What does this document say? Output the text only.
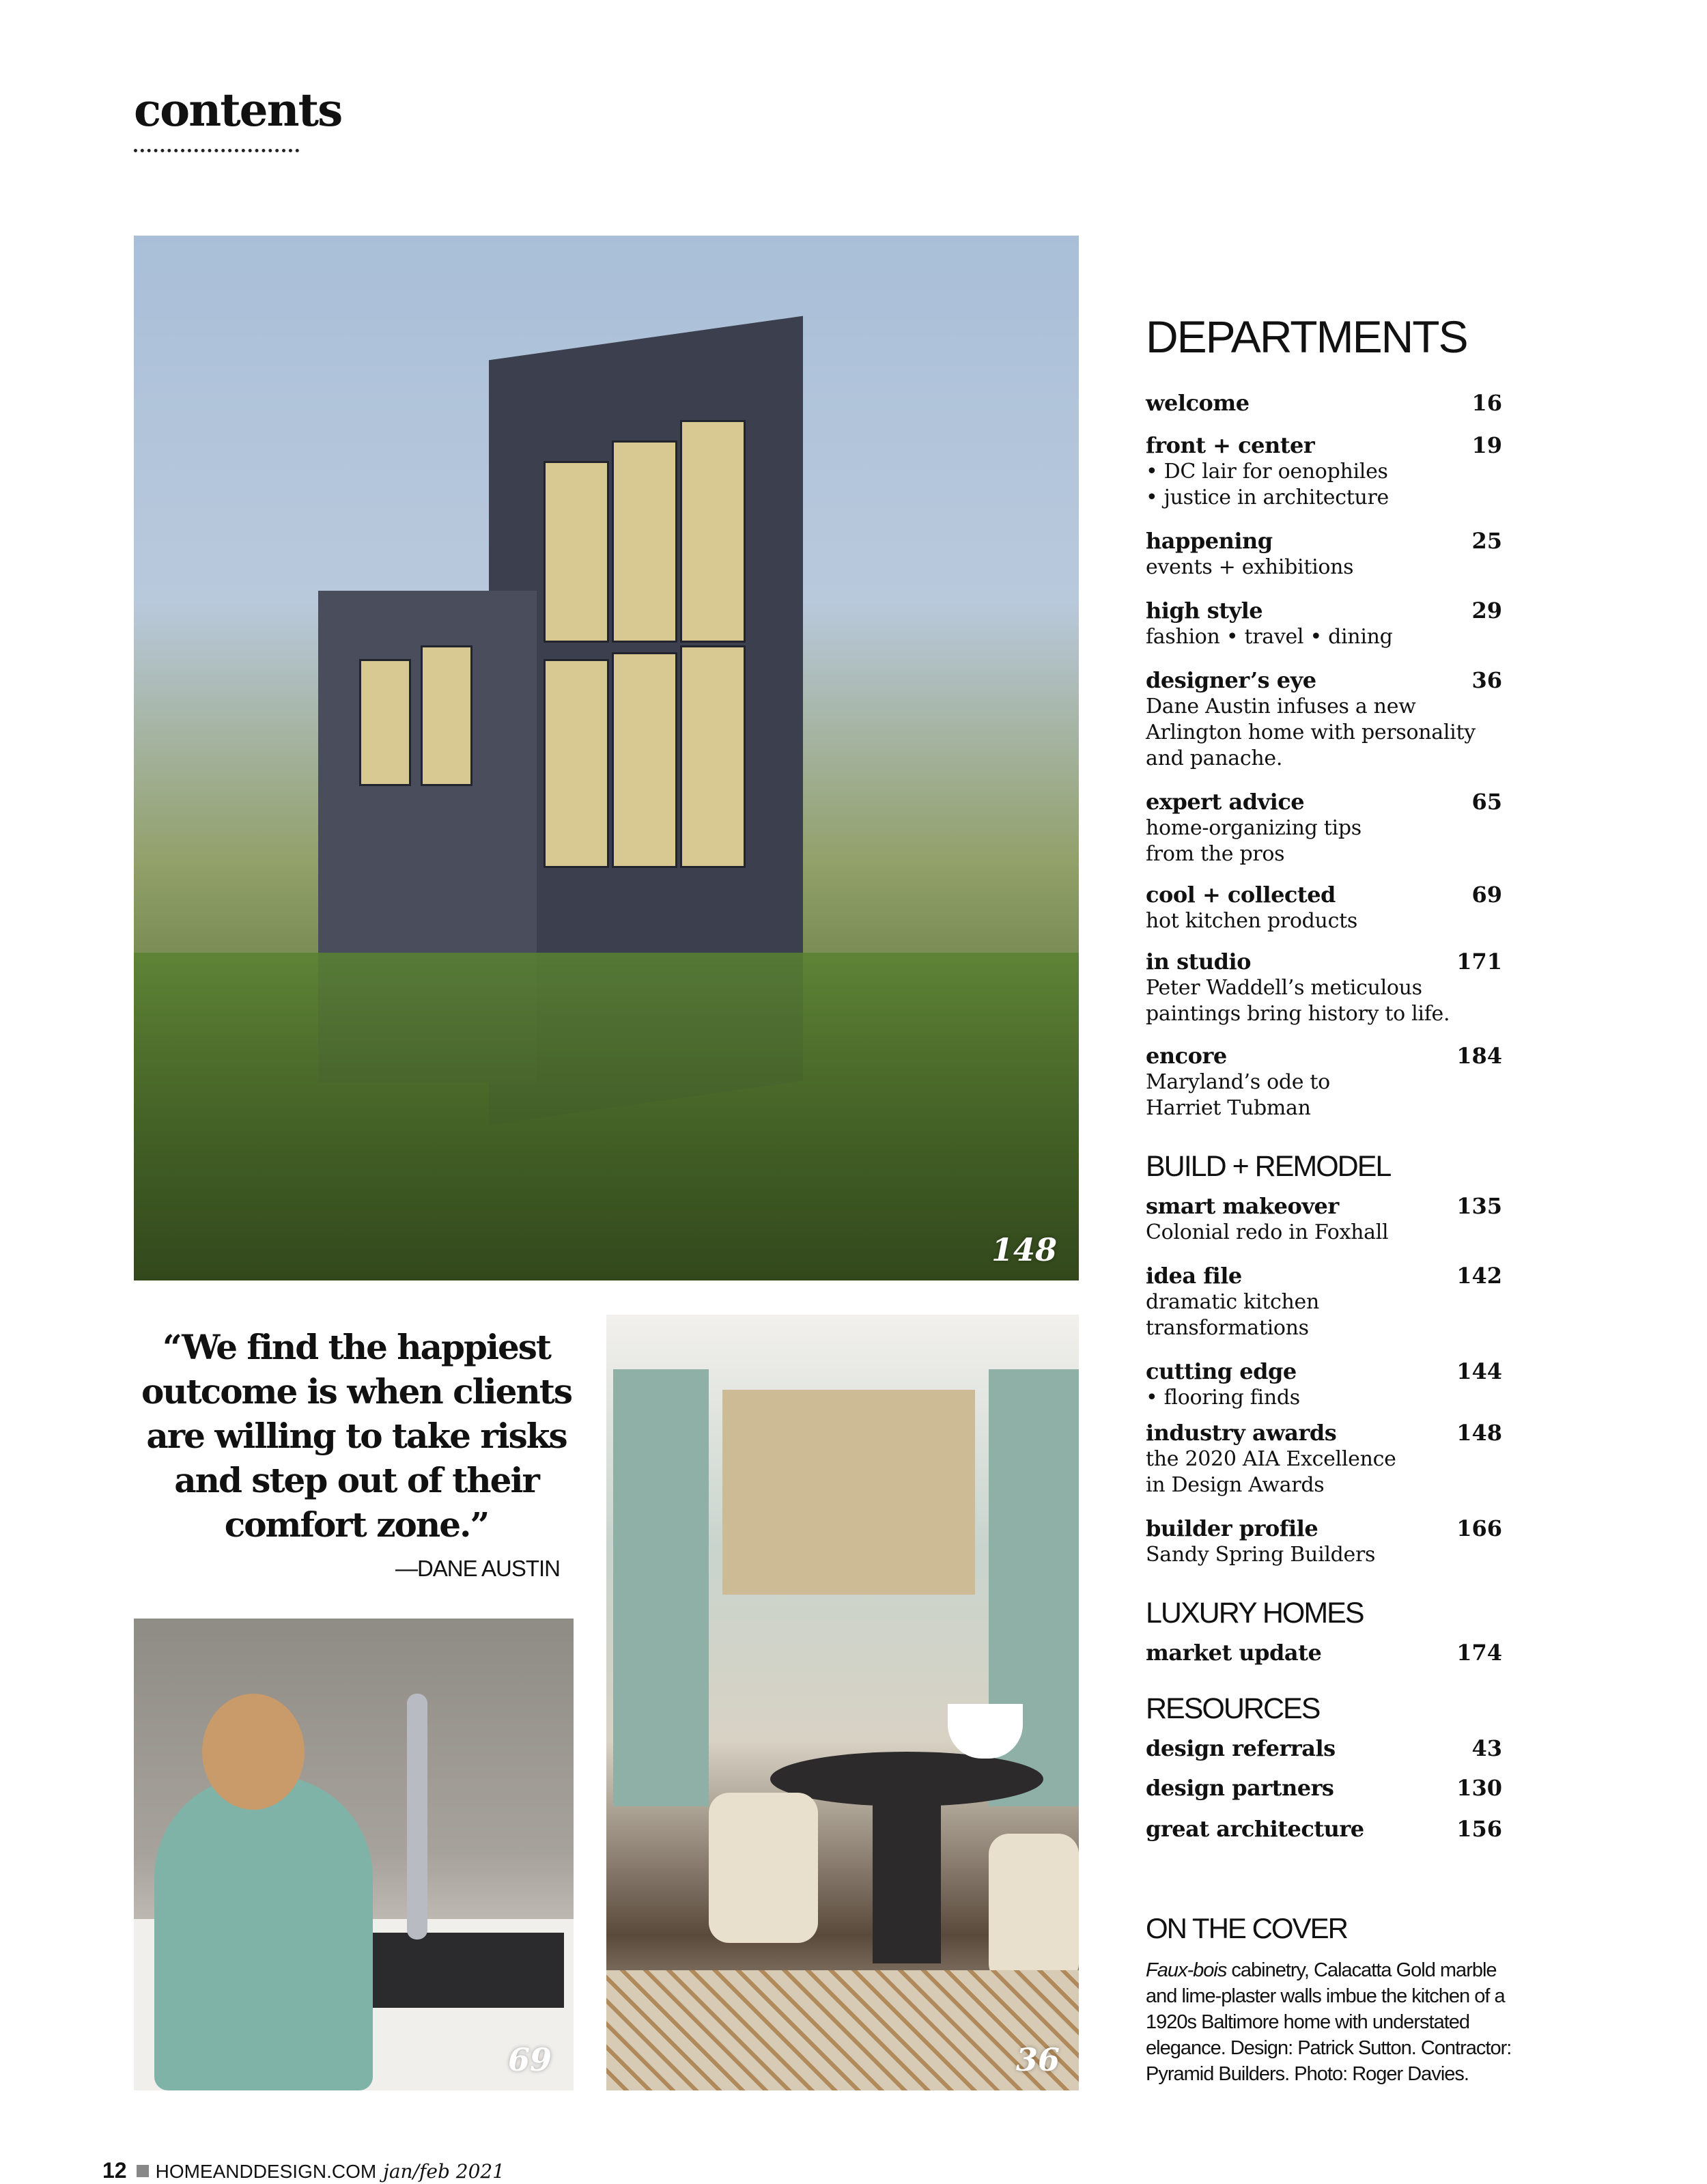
contents
148
“We find the happiest outcome is when clients are willing to take risks and step out of their comfort zone.”
—DANE AUSTIN
69	36
DEPARTMENTS
welcome	16
front + center	19
• DC lair for oenophiles
• justice in architecture
happening	25
events + exhibitions
high style	29
fashion • travel • dining
designer’s eye	36
Dane Austin infuses a new
Arlington home with personality
and panache.
expert advice	65
home-organizing tips
from the pros
cool + collected	69
hot kitchen products
in studio	171
Peter Waddell’s meticulous
paintings bring history to life.
encore	184
Maryland’s ode to
Harriet Tubman
BUILD + REMODEL
smart makeover	135
Colonial redo in Foxhall
idea file	142
dramatic kitchen
transformations
cutting edge	144
• flooring finds
industry awards	148
the 2020 AIA Excellence
in Design Awards
builder profile	166
Sandy Spring Builders
LUXURY HOMES
market update	174
RESOURCES
design referrals	43
design partners	130
great architecture	156
ON THE COVER
Faux-bois cabinetry, Calacatta Gold marble and lime-plaster walls imbue the kitchen of a 1920s Baltimore home with understated elegance. Design: Patrick Sutton. Contractor: Pyramid Builders. Photo: Roger Davies.
12 HOMEANDDESIGN.COM jan/feb 2021
